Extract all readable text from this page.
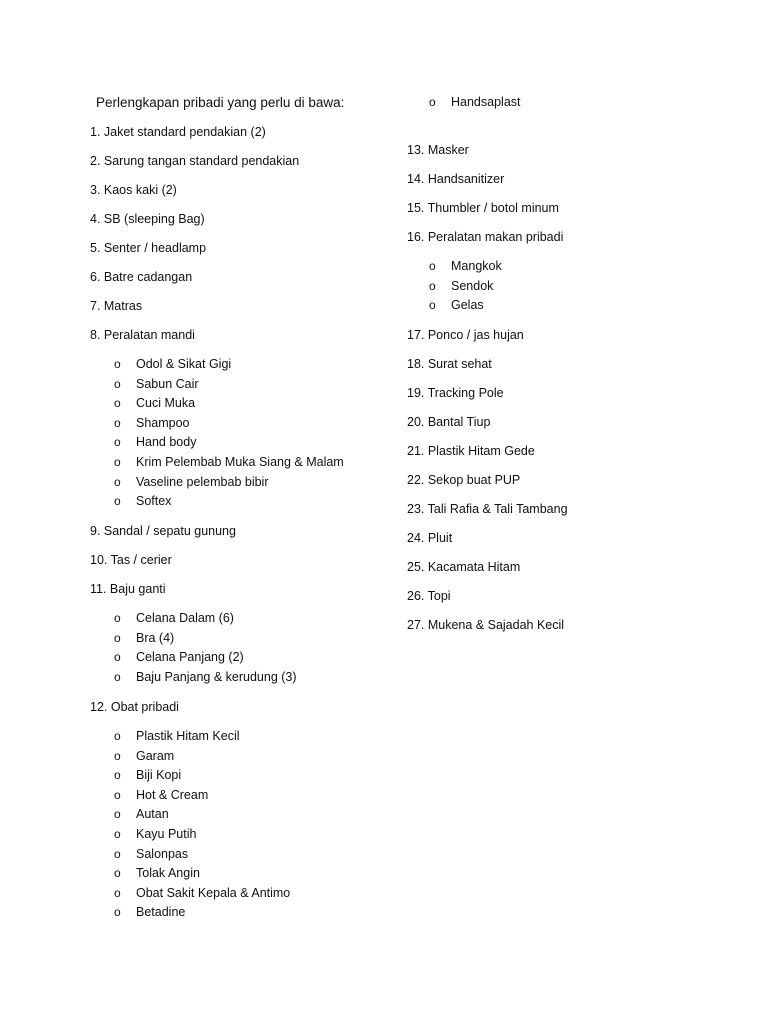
Perlengkapan pribadi yang perlu di bawa:
1. Jaket standard pendakian (2)
2. Sarung tangan standard pendakian
3. Kaos kaki (2)
4. SB (sleeping Bag)
5. Senter / headlamp
6. Batre cadangan
7. Matras
8. Peralatan mandi
o Odol & Sikat Gigi
o Sabun Cair
o Cuci Muka
o Shampoo
o Hand body
o Krim Pelembab Muka Siang & Malam
o Vaseline pelembab bibir
o Softex
9. Sandal / sepatu gunung
10. Tas / cerier
11. Baju ganti
o Celana Dalam (6)
o Bra (4)
o Celana Panjang (2)
o Baju Panjang & kerudung (3)
12. Obat pribadi
o Plastik Hitam Kecil
o Garam
o Biji Kopi
o Hot & Cream
o Autan
o Kayu Putih
o Salonpas
o Tolak Angin
o Obat Sakit Kepala & Antimo
o Betadine
o Handsaplast
13. Masker
14. Handsanitizer
15. Thumbler / botol minum
16. Peralatan makan pribadi
o Mangkok
o Sendok
o Gelas
17. Ponco / jas hujan
18. Surat sehat
19. Tracking Pole
20. Bantal Tiup
21. Plastik Hitam Gede
22. Sekop buat PUP
23. Tali Rafia & Tali Tambang
24. Pluit
25. Kacamata Hitam
26. Topi
27. Mukena & Sajadah Kecil
